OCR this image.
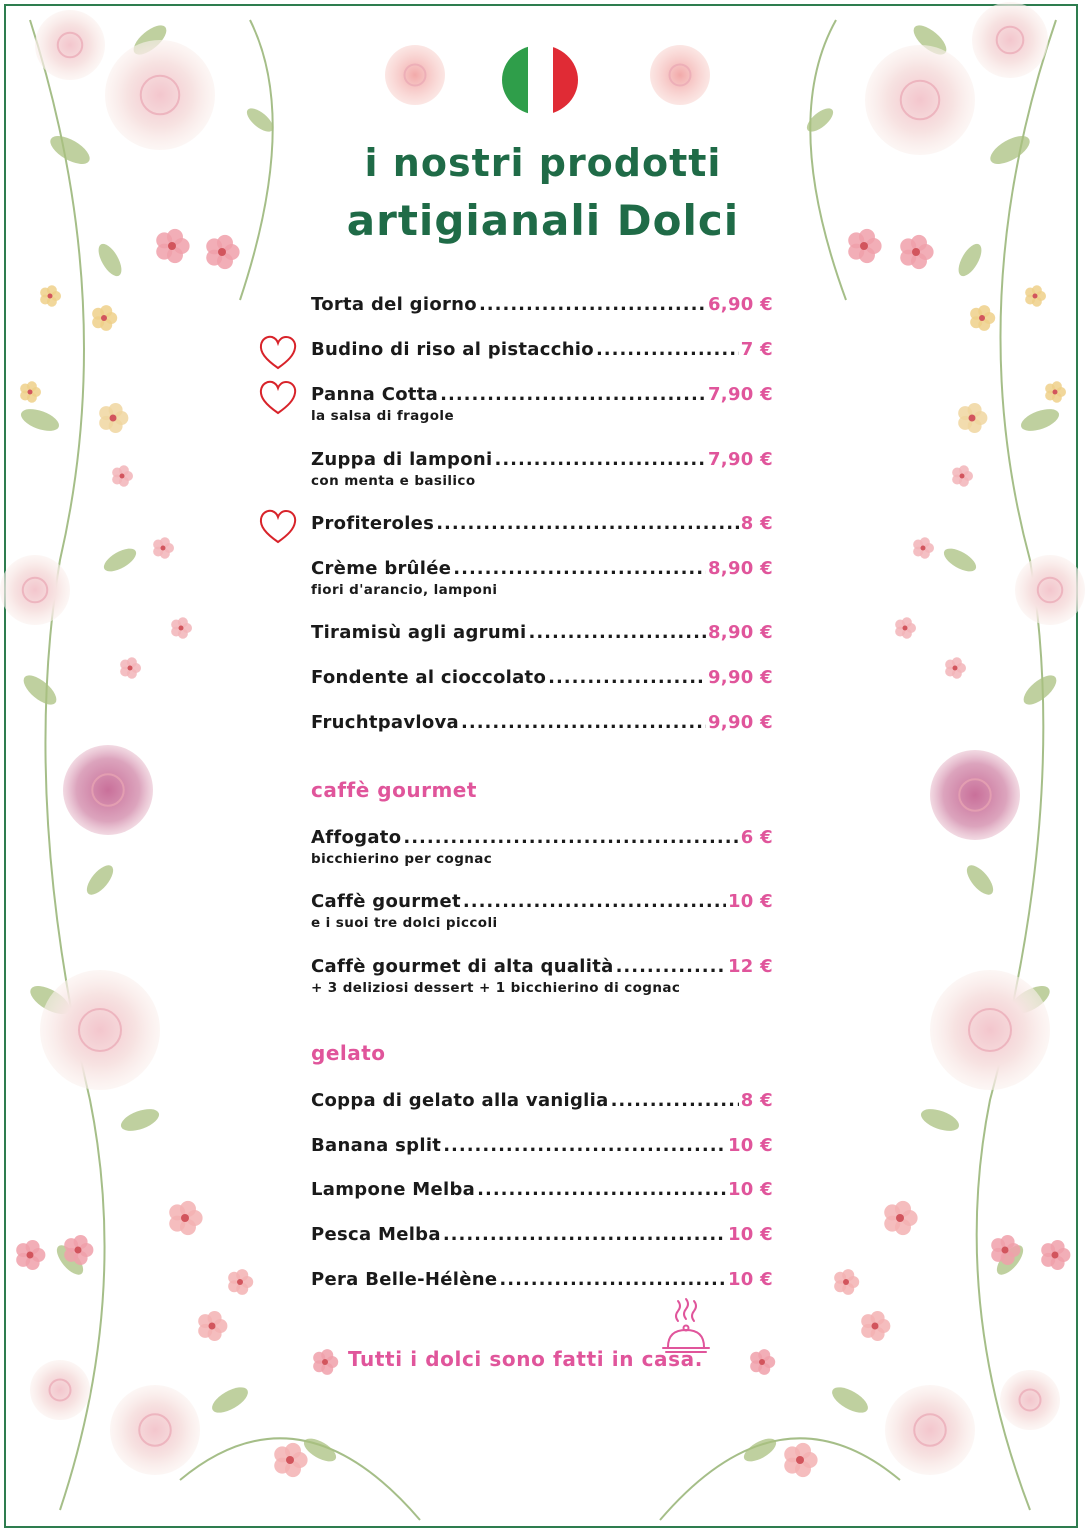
i nostri prodotti
artigianali Dolci
caffè gourmet
gelato
Tutti i dolci sono fatti in casa.
Torta del giorno .....	6,90 €
Budino di riso al pistacchio .....	7 €
Panna Cotta .....	7,90 €
la salsa di fragole
Zuppa di lamponi .....	7,90 €
con menta e basilico
Profiteroles .....	8 €
Crème brûlée .....	8,90 €
fiori d'arancio, lamponi
Tiramisù agli agrumi .....	8,90 €
Fondente al cioccolato .....	9,90 €
Fruchtpavlova .....	9,90 €
Affogato .....	6 €
bicchierino per cognac
Caffè gourmet .....	10 €
e i suoi tre dolci piccoli
Caffè gourmet di alta qualità .....	12 €
+ 3 deliziosi dessert + 1 bicchierino di cognac
Coppa di gelato alla vaniglia .....	8 €
Banana split .....	10 €
Lampone Melba .....	10 €
Pesca Melba .....	10 €
Pera Belle-Hélène .....	10 €
